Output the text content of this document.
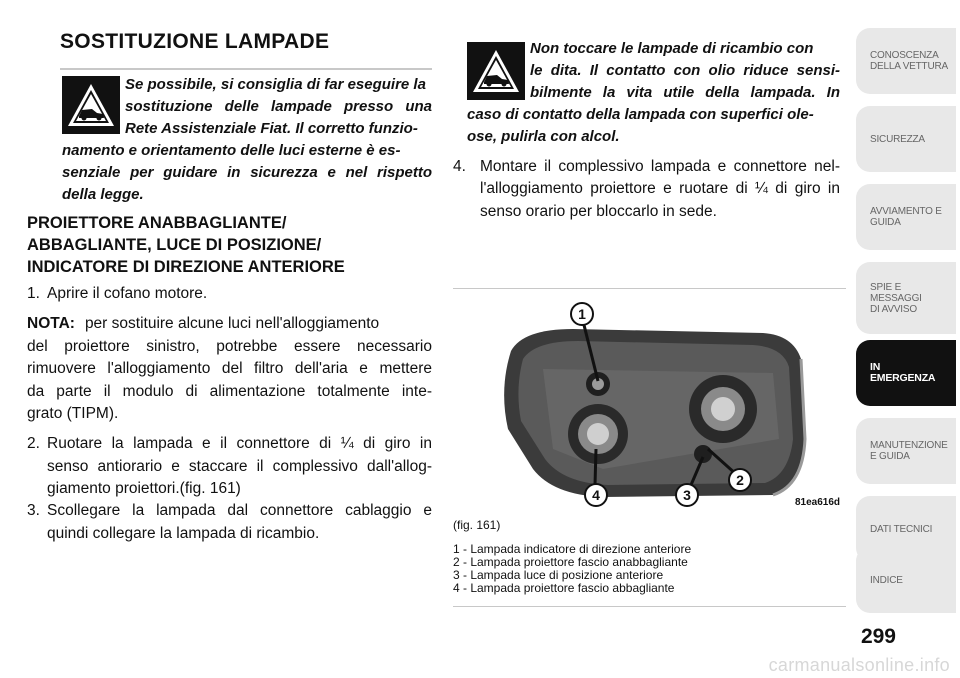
SOSTITUZIONE LAMPADE
Se possibile, si consiglia di far eseguire la
sostituzione delle lampade presso una
Rete Assistenziale Fiat. Il corretto funzio-
namento e orientamento delle luci esterne è es-
senziale per guidare in sicurezza e nel rispetto
della legge.
PROIETTORE ANABBAGLIANTE/
ABBAGLIANTE, LUCE DI POSIZIONE/
INDICATORE DI DIREZIONE ANTERIORE
1. Aprire il cofano motore.
NOTA: per sostituire alcune luci nell'alloggiamento
del proiettore sinistro, potrebbe essere necessario
rimuovere l'alloggiamento del filtro dell'aria e mettere
da parte il modulo di alimentazione totalmente inte-
grato (TIPM).
2. Ruotare la lampada e il connettore di ¼ di giro in
senso antiorario e staccare il complessivo dall'allog-
giamento proiettori.(fig. 161)
3. Scollegare la lampada dal connettore cablaggio e
quindi collegare la lampada di ricambio.
Non toccare le lampade di ricambio con
le dita. Il contatto con olio riduce sensi-
bilmente la vita utile della lampada. In
caso di contatto della lampada con superfici ole-
ose, pulirla con alcol.
4. Montare il complessivo lampada e connettore nel-
l'alloggiamento proiettore e ruotare di ¼ di giro in
senso orario per bloccarlo in sede.
1
2
3
4	81ea616d
(fig. 161)
1 - Lampada indicatore di direzione anteriore
2 - Lampada proiettore fascio anabbagliante
3 - Lampada luce di posizione anteriore
4 - Lampada proiettore fascio abbagliante
CONOSCENZA
DELLA VETTURA
SICUREZZA
AVVIAMENTO E
GUIDA
SPIE E
MESSAGGI
DI AVVISO
IN
EMERGENZA
MANUTENZIONE
E GUIDA
DATI TECNICI
INDICE
299
carmanualsonline.info
